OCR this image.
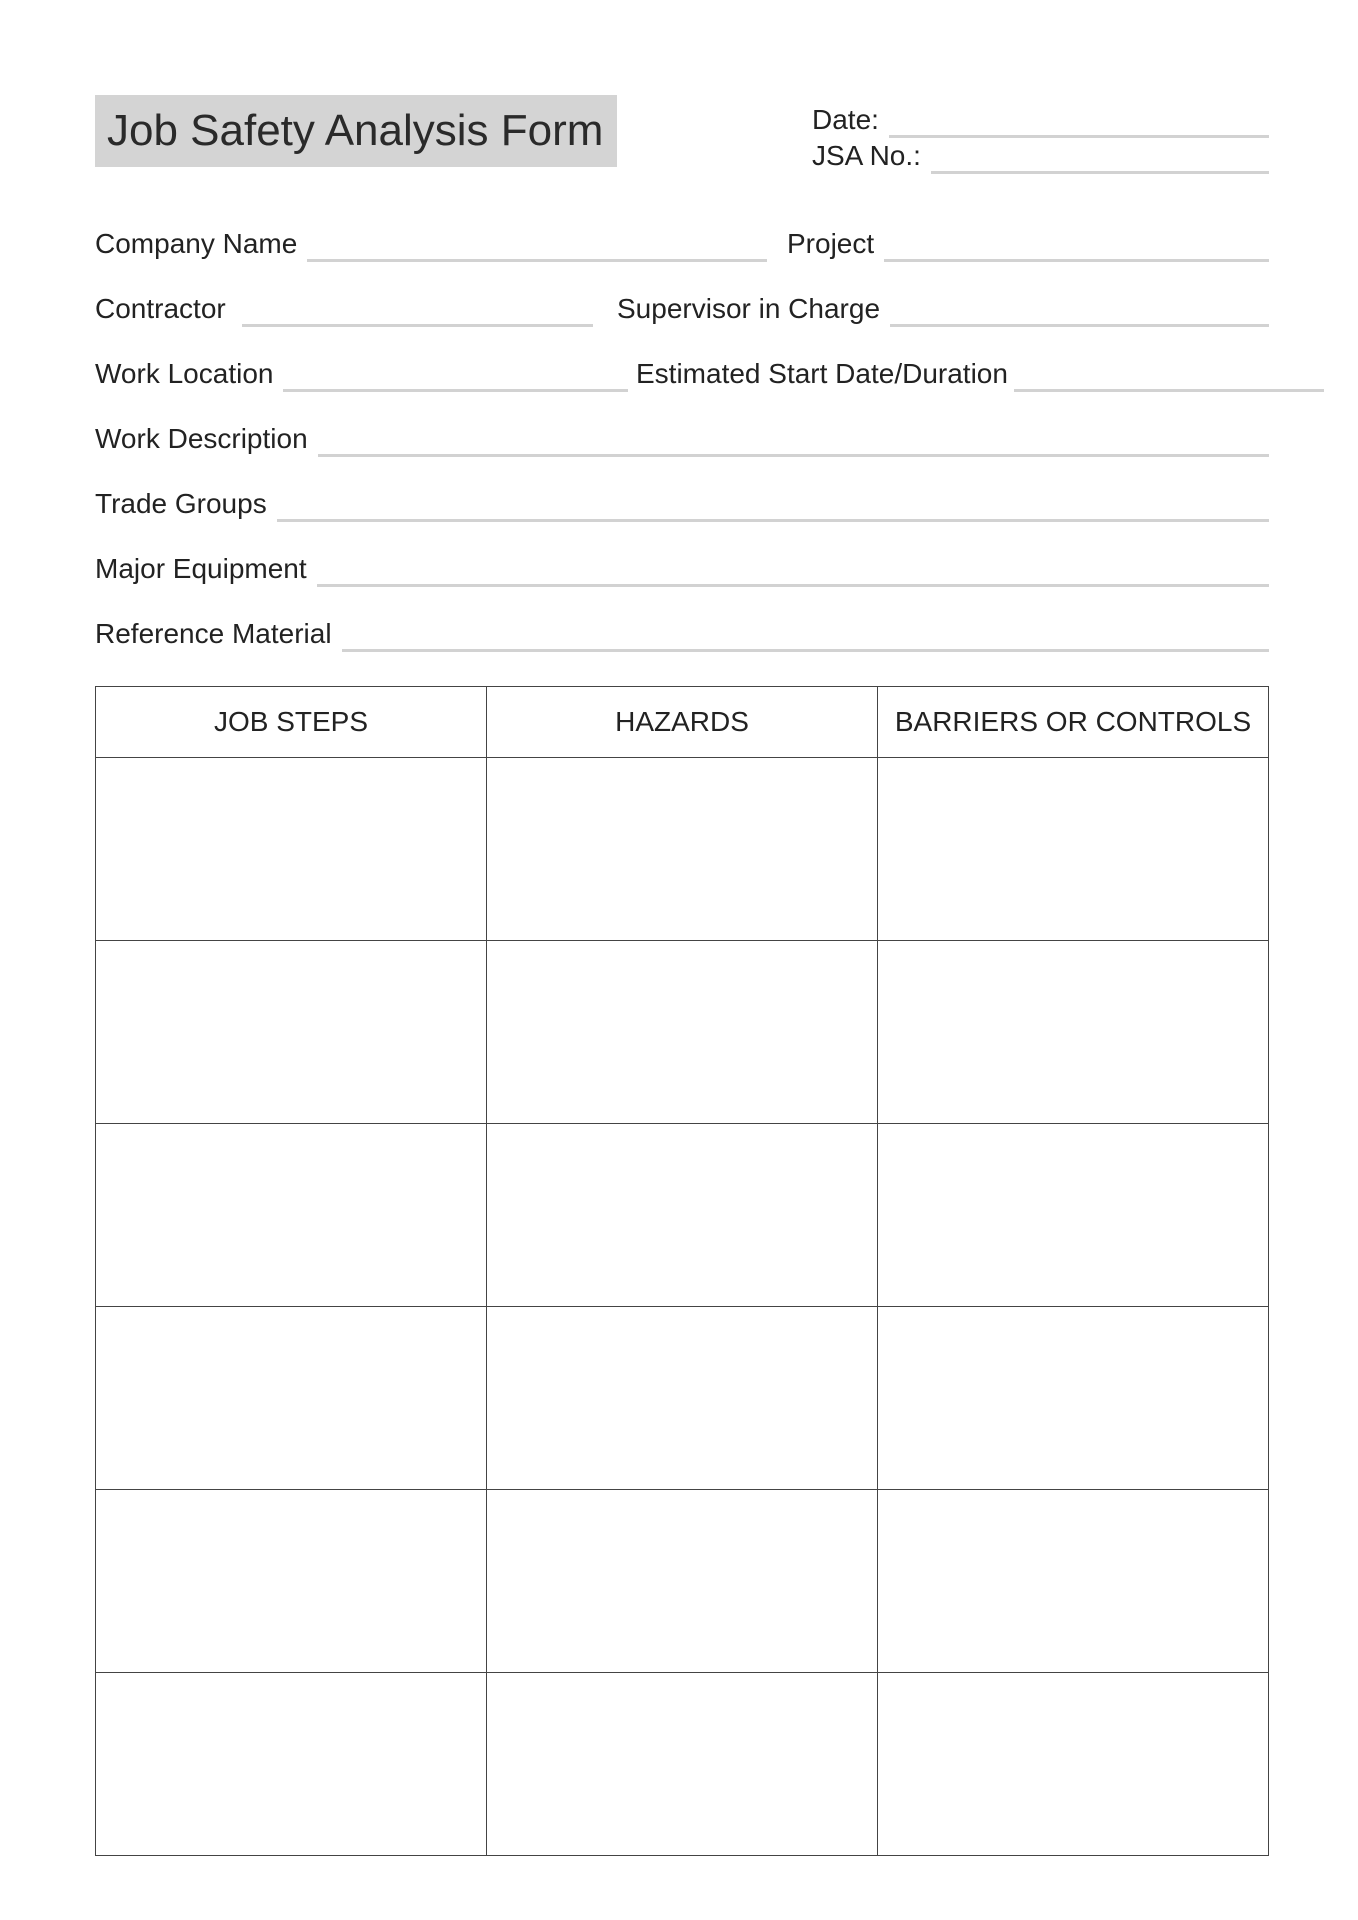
Job Safety Analysis Form	Date:
JSA No.:
Company Name	Project
Contractor	Supervisor in Charge
Work Location	Estimated Start Date/Duration
Work Description
Trade Groups
Major Equipment
Reference Material
JOB STEPS	HAZARDS	BARRIERS OR CONTROLS
